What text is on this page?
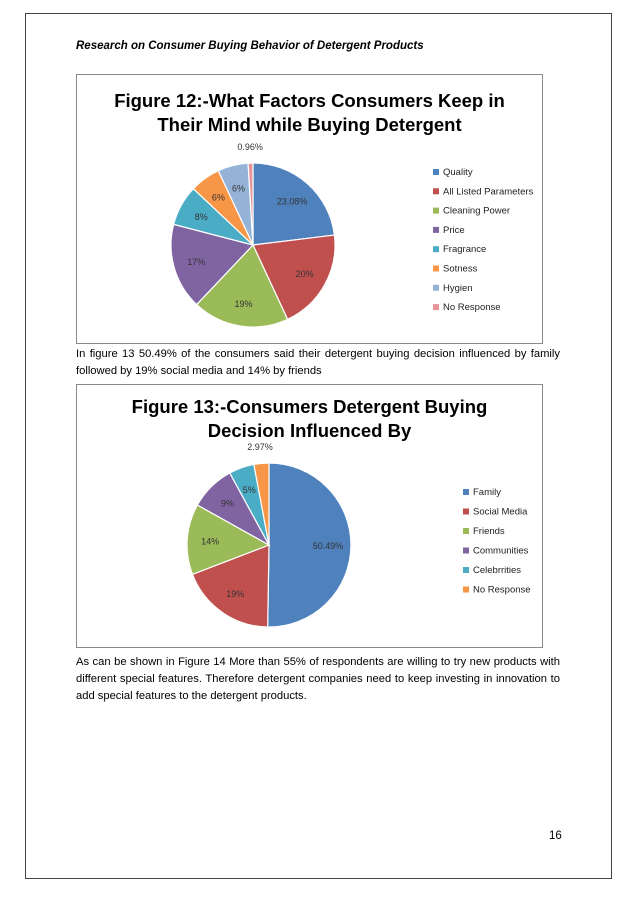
Research on Consumer Buying Behavior of Detergent Products
Figure 12:-What Factors Consumers Keep in
Their Mind while Buying Detergent
23.08%
Quality
20%
All Listed Parameters
19%
Cleaning Power
17%
Price
8%
Fragrance
6%
Sotness
6%
Hygien
0.96%
No Response
In figure 13 50.49% of the consumers said their detergent buying decision influenced by family followed by 19% social media and 14% by friends
Figure 13:-Consumers Detergent Buying
Decision Influenced By
50.49%
Family
19%
Social Media
14%
Friends
9%
Communities
5%
Celebrrities
2.97%
No Response
As can be shown in Figure 14 More than 55% of respondents are willing to try new products with different special features. Therefore detergent companies need to keep investing in innovation to add special features to the detergent products.
16
